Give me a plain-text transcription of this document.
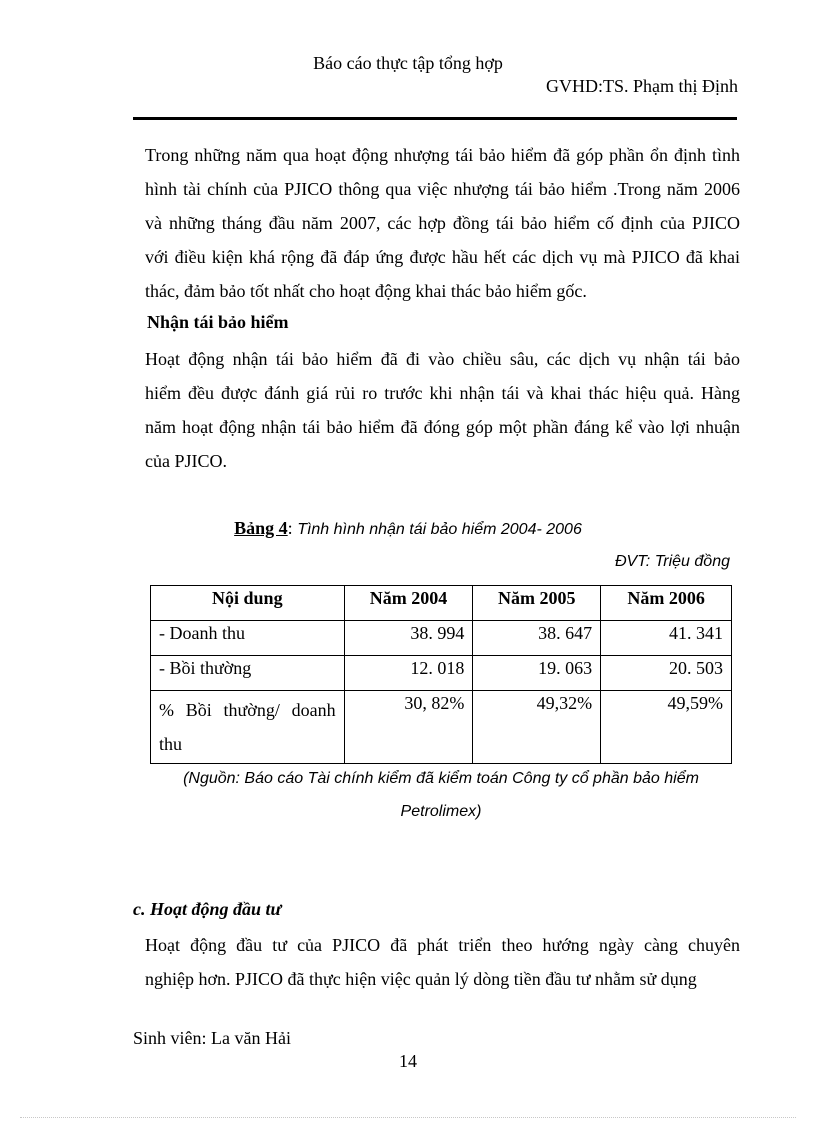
Báo cáo thực tập tổng hợp
GVHD:TS. Phạm thị Định
Trong những năm qua hoạt động nhượng tái bảo hiểm đã góp phần ổn định tình
hình tài chính của PJICO thông qua việc nhượng tái bảo hiểm .Trong năm 2006
và những tháng đầu năm 2007, các hợp đồng tái bảo hiểm cố định của PJICO
với điều kiện khá rộng đã đáp ứng được hầu hết các dịch vụ mà PJICO đã khai
thác, đảm bảo tốt nhất cho hoạt động khai thác bảo hiểm gốc.
Nhận tái bảo hiểm
Hoạt động nhận tái bảo hiểm đã đi vào chiều sâu, các dịch vụ nhận tái bảo
hiểm đều được đánh giá rủi ro trước khi nhận tái và khai thác hiệu quả. Hàng
năm hoạt động nhận tái bảo hiểm đã đóng góp một phần đáng kể vào lợi nhuận
của PJICO.
Bảng 4: Tình hình nhận tái bảo hiểm 2004- 2006
ĐVT: Triệu đồng
Nội dung	Năm 2004	Năm 2005	Năm 2006
- Doanh thu	38. 994	38. 647	41. 341
- Bồi thường	12. 018	19. 063	20. 503
% Bồi thường/ doanh thu	30, 82%	49,32%	49,59%
(Nguồn: Báo cáo Tài chính kiểm đã kiểm toán Công ty cổ phần bảo hiểm
Petrolimex)
c. Hoạt động đầu tư
Hoạt động đầu tư của PJICO đã phát triển theo hướng ngày càng chuyên
nghiệp hơn. PJICO đã thực hiện việc quản lý dòng tiền đầu tư nhằm sử dụng
Sinh viên: La văn Hải
14
